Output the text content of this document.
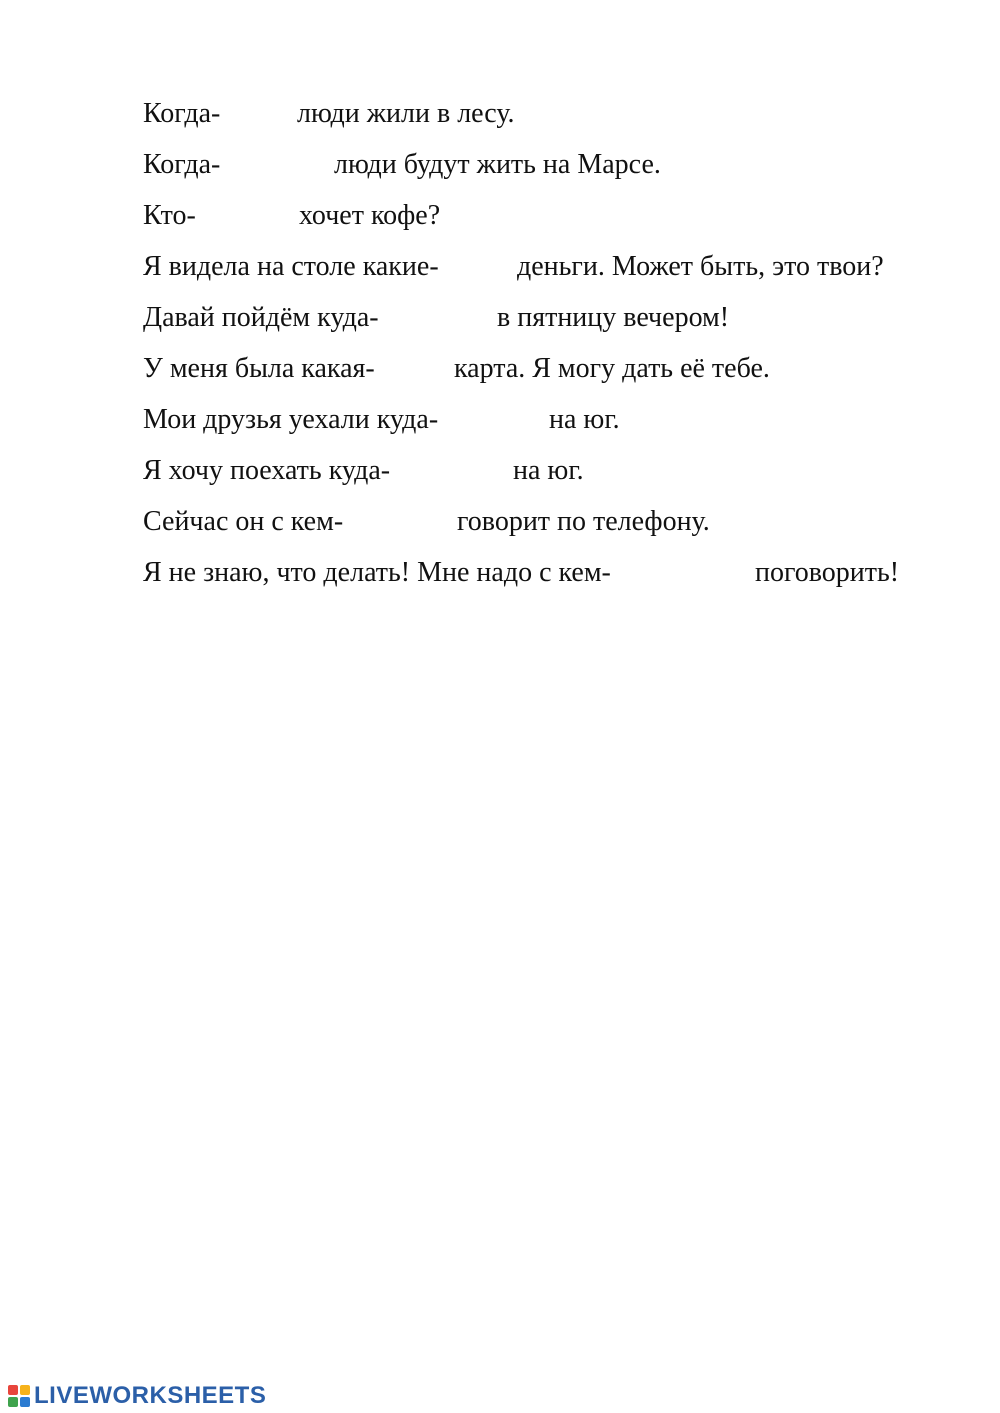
Когда-	люди жили в лесу.
Когда-	люди будут жить на Марсе.
Кто-	хочет кофе?
Я видела на столе какие-	деньги. Может быть, это твои?
Давай пойдём куда-	в пятницу вечером!
У меня была какая-	карта. Я могу дать её тебе.
Мои друзья уехали куда-	на юг.
Я хочу поехать куда-	на юг.
Сейчас он с кем-	говорит по телефону.
Я не знаю, что делать! Мне надо с кем-	поговорить!
LIVEWORKSHEETS
